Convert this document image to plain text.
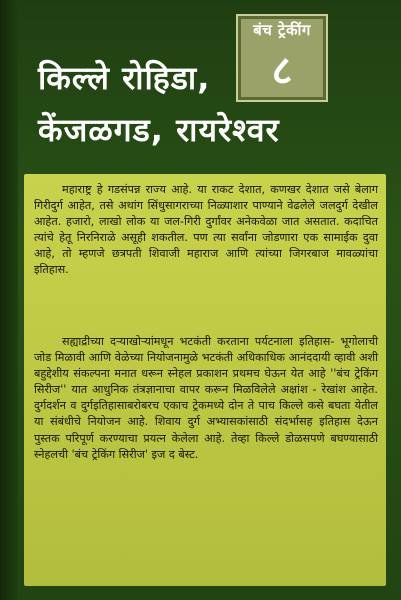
बंच ट्रेकींग
८
किल्ले रोहिडा,
केंजळगड, रायरेश्वर

महाराष्ट्र हे गडसंपन्न राज्य आहे. या राकट देशात, कणखर देशात जसे बेलाग गिरीदुर्ग आहेत, तसे अथांग सिंधुसागराच्या निळ्याशार पाण्याने वेढलेले जलदुर्ग देखील आहेत. हजारो, लाखो लोक या जल-गिरी दुर्गांवर अनेकवेळा जात असतात. कदाचित त्यांचे हेतू निरनिराळे असूही शकतील. पण त्या सर्वांना जोडणारा एक सामाईक दुवा आहे, तो म्हणजे छत्रपती शिवाजी महाराज आणि त्यांच्या जिगरबाज मावळ्यांचा इतिहास.

सह्याद्रीच्या दऱ्याखोऱ्यांमधून भटकंती करताना पर्यटनाला इतिहास- भूगोलाची जोड मिळावी आणि वेळेच्या नियोजनामुळे भटकंती अधिकाधिक आनंददायी व्हावी अशी बहुद्देशीय संकल्पना मनात धरून स्नेहल प्रकाशन प्रथमच घेऊन येत आहे ''बंच ट्रेकिंग सिरीज'' यात आधुनिक तंत्रज्ञानाचा वापर करून मिळविलेले अक्षांश - रेखांश आहेत. दुर्गदर्शन व दुर्गइतिहासाबरोबरच एकाच ट्रेकमध्ये दोन ते पाच किल्ले कसे बघता येतील या संबंधीचे नियोजन आहे. शिवाय दुर्ग अभ्यासकांसाठी संदर्भासह इतिहास देऊन पुस्तक परिपूर्ण करण्याचा प्रयत्न केलेला आहे. तेव्हा किल्ले डोळसपणे बघण्यासाठी स्नेहलची 'बंच ट्रेकिंग सिरीज' इज द बेस्ट.
